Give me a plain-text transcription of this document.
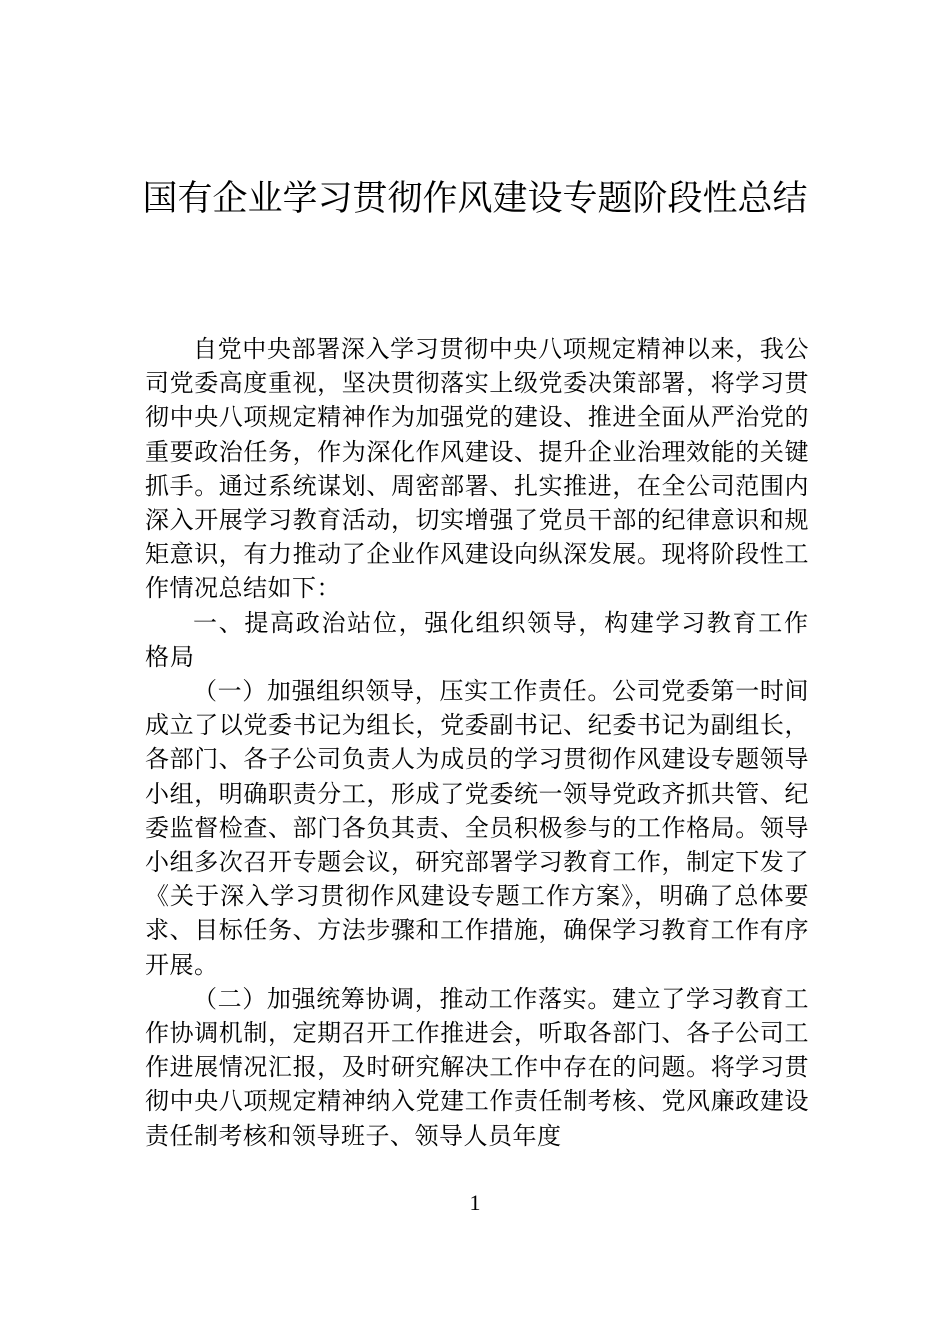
国有企业学习贯彻作风建设专题阶段性总结

自党中央部署深入学习贯彻中央八项规定精神以来，我公司党委高度重视，坚决贯彻落实上级党委决策部署，将学习贯彻中央八项规定精神作为加强党的建设、推进全面从严治党的重要政治任务，作为深化作风建设、提升企业治理效能的关键抓手。通过系统谋划、周密部署、扎实推进，在全公司范围内深入开展学习教育活动，切实增强了党员干部的纪律意识和规矩意识，有力推动了企业作风建设向纵深发展。现将阶段性工作情况总结如下：

一、提高政治站位，强化组织领导，构建学习教育工作格局

（一）加强组织领导，压实工作责任。公司党委第一时间成立了以党委书记为组长，党委副书记、纪委书记为副组长，各部门、各子公司负责人为成员的学习贯彻作风建设专题领导小组，明确职责分工，形成了党委统一领导党政齐抓共管、纪委监督检查、部门各负其责、全员积极参与的工作格局。领导小组多次召开专题会议，研究部署学习教育工作，制定下发了《关于深入学习贯彻作风建设专题工作方案》，明确了总体要求、目标任务、方法步骤和工作措施，确保学习教育工作有序开展。

（二）加强统筹协调，推动工作落实。建立了学习教育工作协调机制，定期召开工作推进会，听取各部门、各子公司工作进展情况汇报，及时研究解决工作中存在的问题。将学习贯彻中央八项规定精神纳入党建工作责任制考核、党风廉政建设责任制考核和领导班子、领导人员年度

1
